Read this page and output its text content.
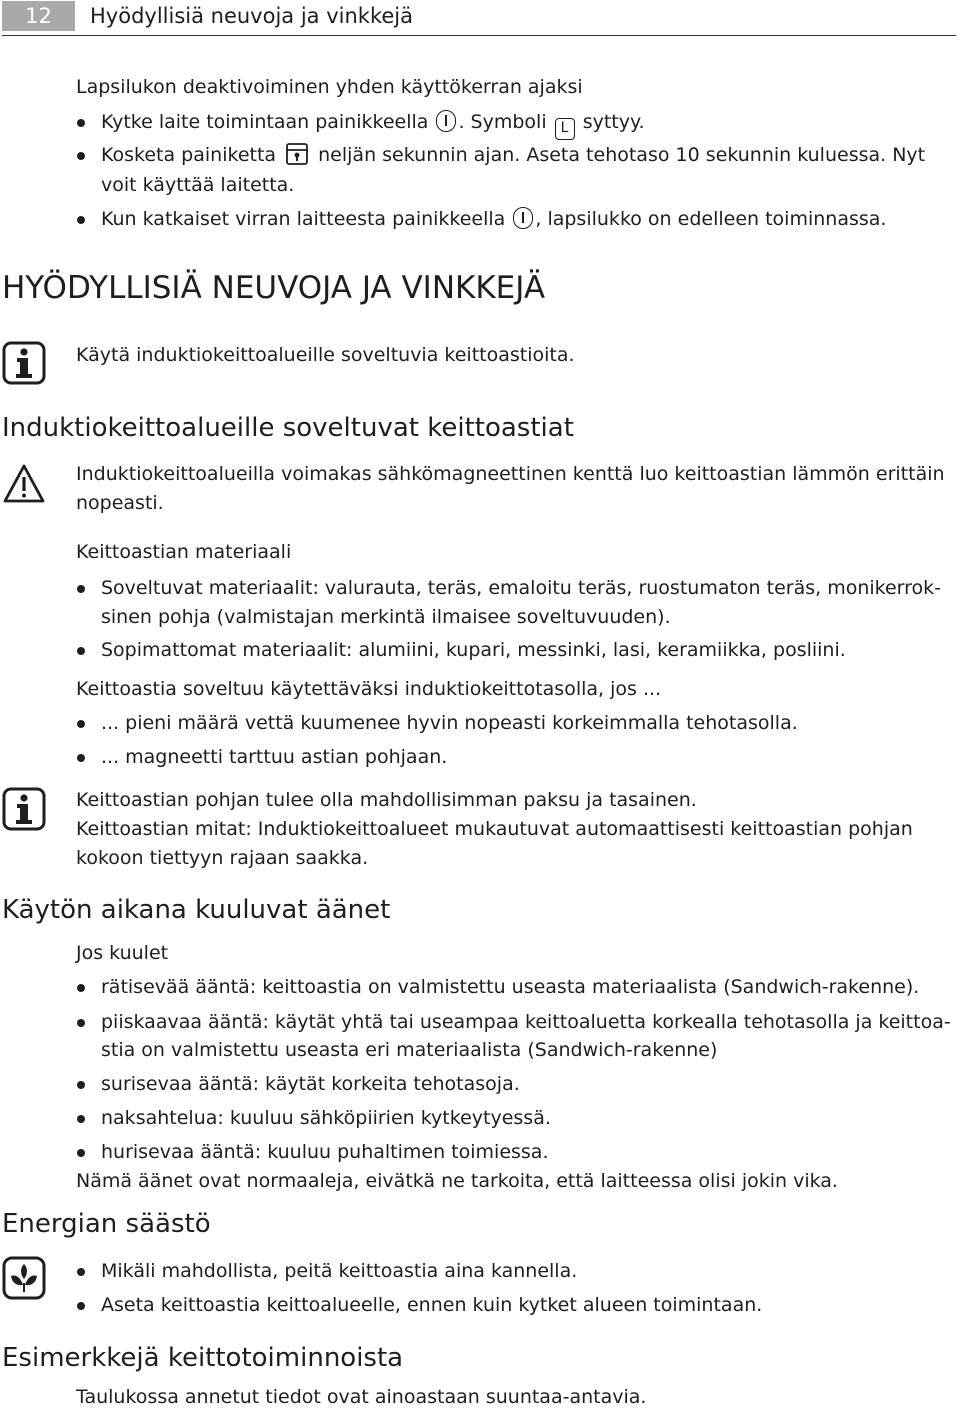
12	Hyödyllisiä neuvoja ja vinkkejä
Lapsilukon deaktivoiminen yhden käyttökerran ajaksi
Kytke laite toimintaan painikkeella . Symboli L syttyy.
Kosketa painiketta neljän sekunnin ajan. Aseta tehotaso 10 sekunnin kuluessa. Nyt
voit käyttää laitetta.
Kun katkaiset virran laitteesta painikkeella , lapsilukko on edelleen toiminnassa.
HYÖDYLLISIÄ NEUVOJA JA VINKKEJÄ
Käytä induktiokeittoalueille soveltuvia keittoastioita.
Induktiokeittoalueille soveltuvat keittoastiat
Induktiokeittoalueilla voimakas sähkömagneettinen kenttä luo keittoastian lämmön erittäin
nopeasti.
Keittoastian materiaali
Soveltuvat materiaalit: valurauta, teräs, emaloitu teräs, ruostumaton teräs, monikerrok-
sinen pohja (valmistajan merkintä ilmaisee soveltuvuuden).
Sopimattomat materiaalit: alumiini, kupari, messinki, lasi, keramiikka, posliini.
Keittoastia soveltuu käytettäväksi induktiokeittotasolla, jos ...
... pieni määrä vettä kuumenee hyvin nopeasti korkeimmalla tehotasolla.
... magneetti tarttuu astian pohjaan.
Keittoastian pohjan tulee olla mahdollisimman paksu ja tasainen.
Keittoastian mitat: Induktiokeittoalueet mukautuvat automaattisesti keittoastian pohjan
kokoon tiettyyn rajaan saakka.
Käytön aikana kuuluvat äänet
Jos kuulet
rätisevää ääntä: keittoastia on valmistettu useasta materiaalista (Sandwich-rakenne).
piiskaavaa ääntä: käytät yhtä tai useampaa keittoaluetta korkealla tehotasolla ja keittoa-
stia on valmistettu useasta eri materiaalista (Sandwich-rakenne)
surisevaa ääntä: käytät korkeita tehotasoja.
naksahtelua: kuuluu sähköpiirien kytkeytyessä.
hurisevaa ääntä: kuuluu puhaltimen toimiessa.
Nämä äänet ovat normaaleja, eivätkä ne tarkoita, että laitteessa olisi jokin vika.
Energian säästö
Mikäli mahdollista, peitä keittoastia aina kannella.
Aseta keittoastia keittoalueelle, ennen kuin kytket alueen toimintaan.
Esimerkkejä keittotoiminnoista
Taulukossa annetut tiedot ovat ainoastaan suuntaa-antavia.
